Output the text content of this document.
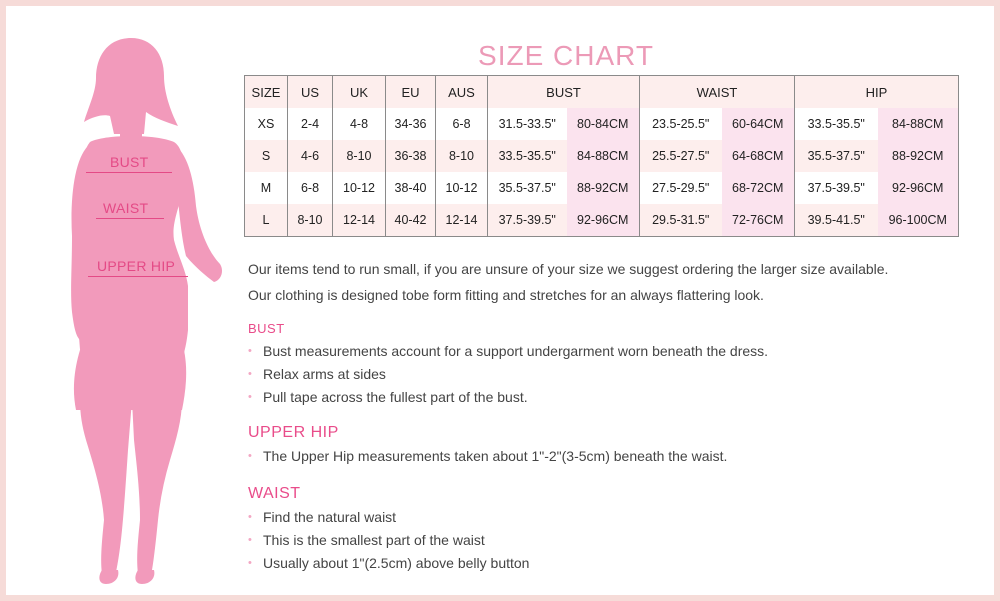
BUST
WAIST
UPPER HIP
SIZE CHART
SIZE	US	UK	EU	AUS	BUST		WAIST		HIP	
XS	2-4	4-8	34-36	6-8	31.5-33.5"	80-84CM	23.5-25.5"	60-64CM	33.5-35.5"	84-88CM
S	4-6	8-10	36-38	8-10	33.5-35.5"	84-88CM	25.5-27.5"	64-68CM	35.5-37.5"	88-92CM
M	6-8	10-12	38-40	10-12	35.5-37.5"	88-92CM	27.5-29.5"	68-72CM	37.5-39.5"	92-96CM
L	8-10	12-14	40-42	12-14	37.5-39.5"	92-96CM	29.5-31.5"	72-76CM	39.5-41.5"	96-100CM
Our items tend to run small, if you are unsure of your size we suggest ordering the larger size available.
Our clothing is designed tobe form fitting and stretches for an always flattering look.
BUST
• Bust measurements account for a support undergarment worn beneath the dress.
• Relax arms at sides
• Pull tape across the fullest part of the bust.
UPPER HIP
• The Upper Hip measurements taken about 1"-2"(3-5cm) beneath the waist.
WAIST
• Find the natural waist
• This is the smallest part of the waist
• Usually about 1"(2.5cm) above belly button
